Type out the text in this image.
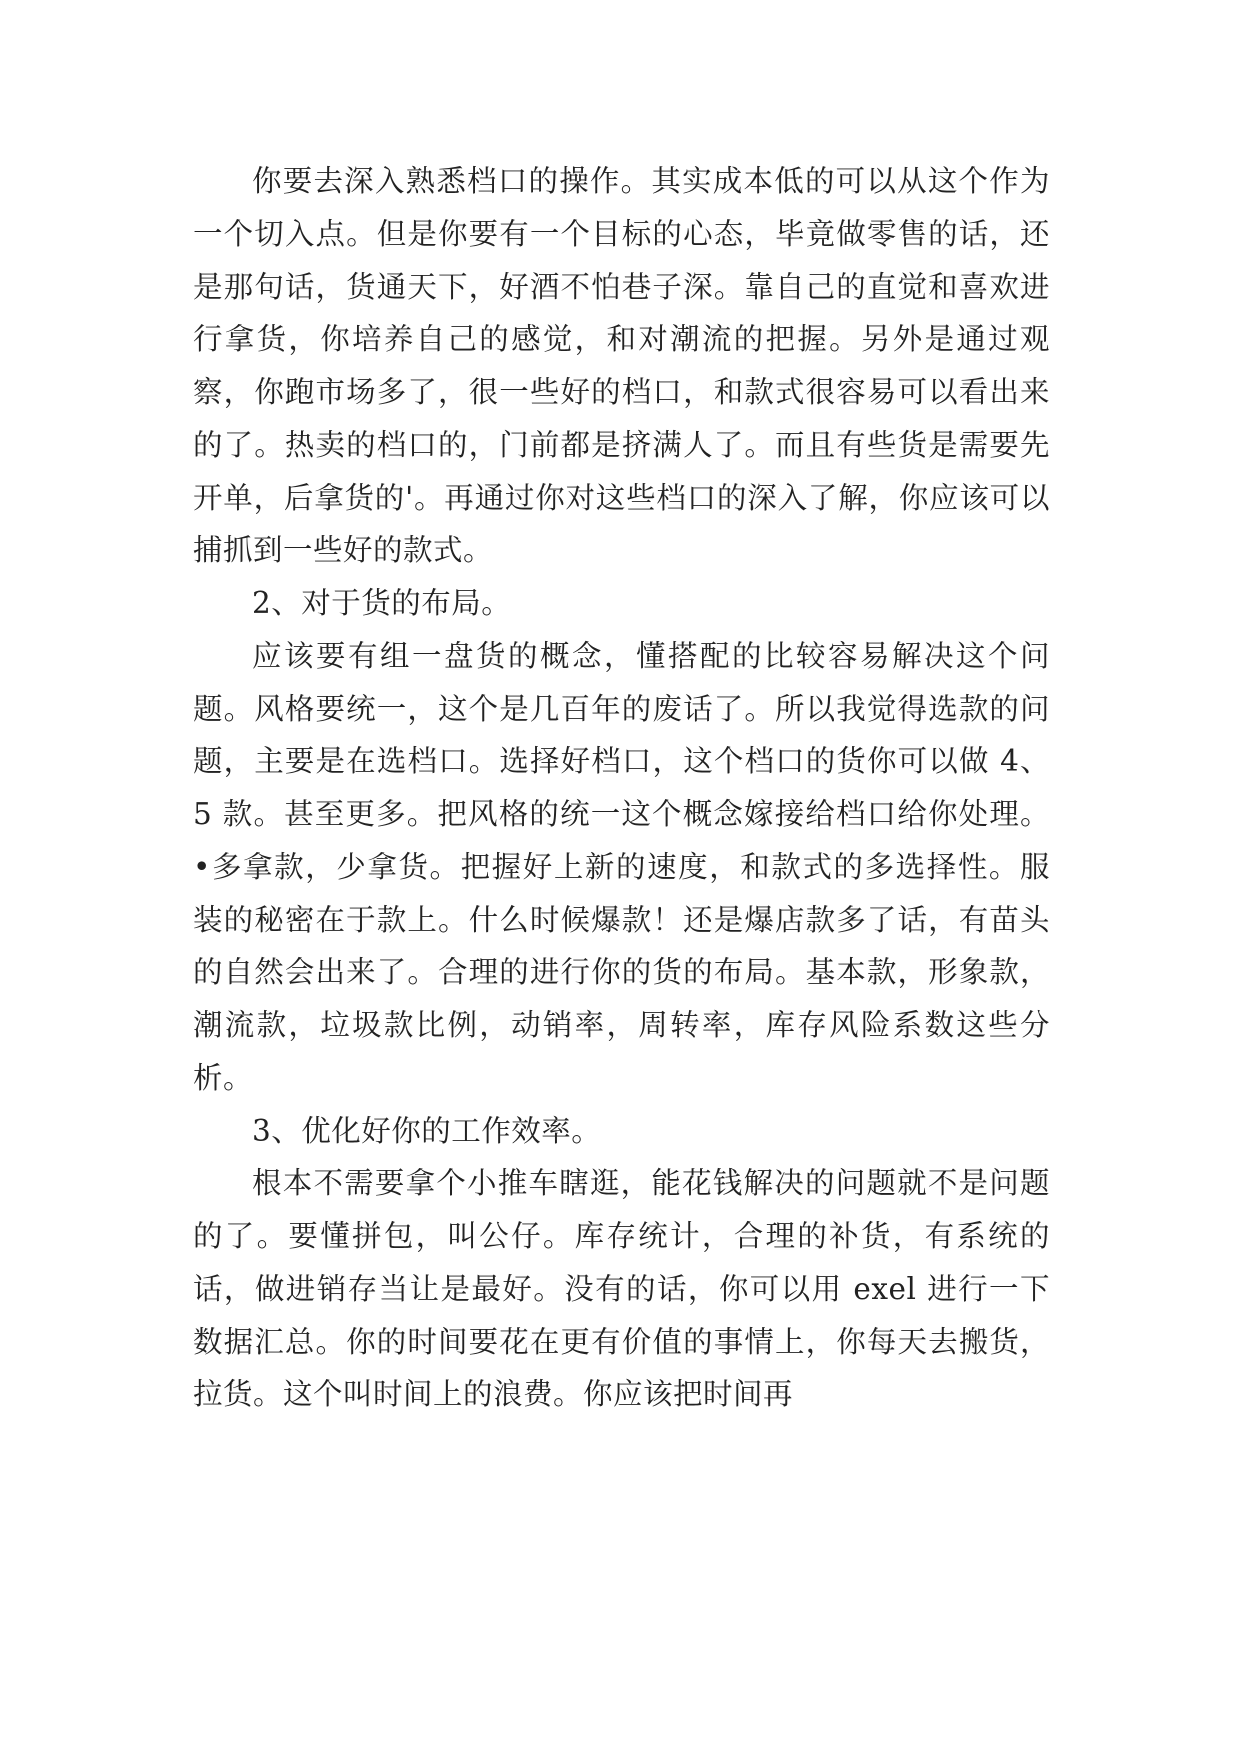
你要去深入熟悉档口的操作。其实成本低的可以从这个作为一个切入点。但是你要有一个目标的心态，毕竟做零售的话，还是那句话，货通天下，好酒不怕巷子深。靠自己的直觉和喜欢进行拿货，你培养自己的感觉，和对潮流的把握。另外是通过观察，你跑市场多了，很一些好的档口，和款式很容易可以看出来的了。热卖的档口的，门前都是挤满人了。而且有些货是需要先开单，后拿货的'。再通过你对这些档口的深入了解，你应该可以捕抓到一些好的款式。

2、对于货的布局。

应该要有组一盘货的概念，懂搭配的比较容易解决这个问题。风格要统一，这个是几百年的废话了。所以我觉得选款的问题，主要是在选档口。选择好档口，这个档口的货你可以做 4、5 款。甚至更多。把风格的统一这个概念嫁接给档口给你处理。•多拿款，少拿货。把握好上新的速度，和款式的多选择性。服装的秘密在于款上。什么时候爆款！还是爆店款多了话，有苗头的自然会出来了。合理的进行你的货的布局。基本款，形象款，潮流款，垃圾款比例，动销率，周转率，库存风险系数这些分析。

3、优化好你的工作效率。

根本不需要拿个小推车瞎逛，能花钱解决的问题就不是问题的了。要懂拼包，叫公仔。库存统计，合理的补货，有系统的话，做进销存当让是最好。没有的话，你可以用 exel 进行一下数据汇总。你的时间要花在更有价值的事情上，你每天去搬货，拉货。这个叫时间上的浪费。你应该把时间再
